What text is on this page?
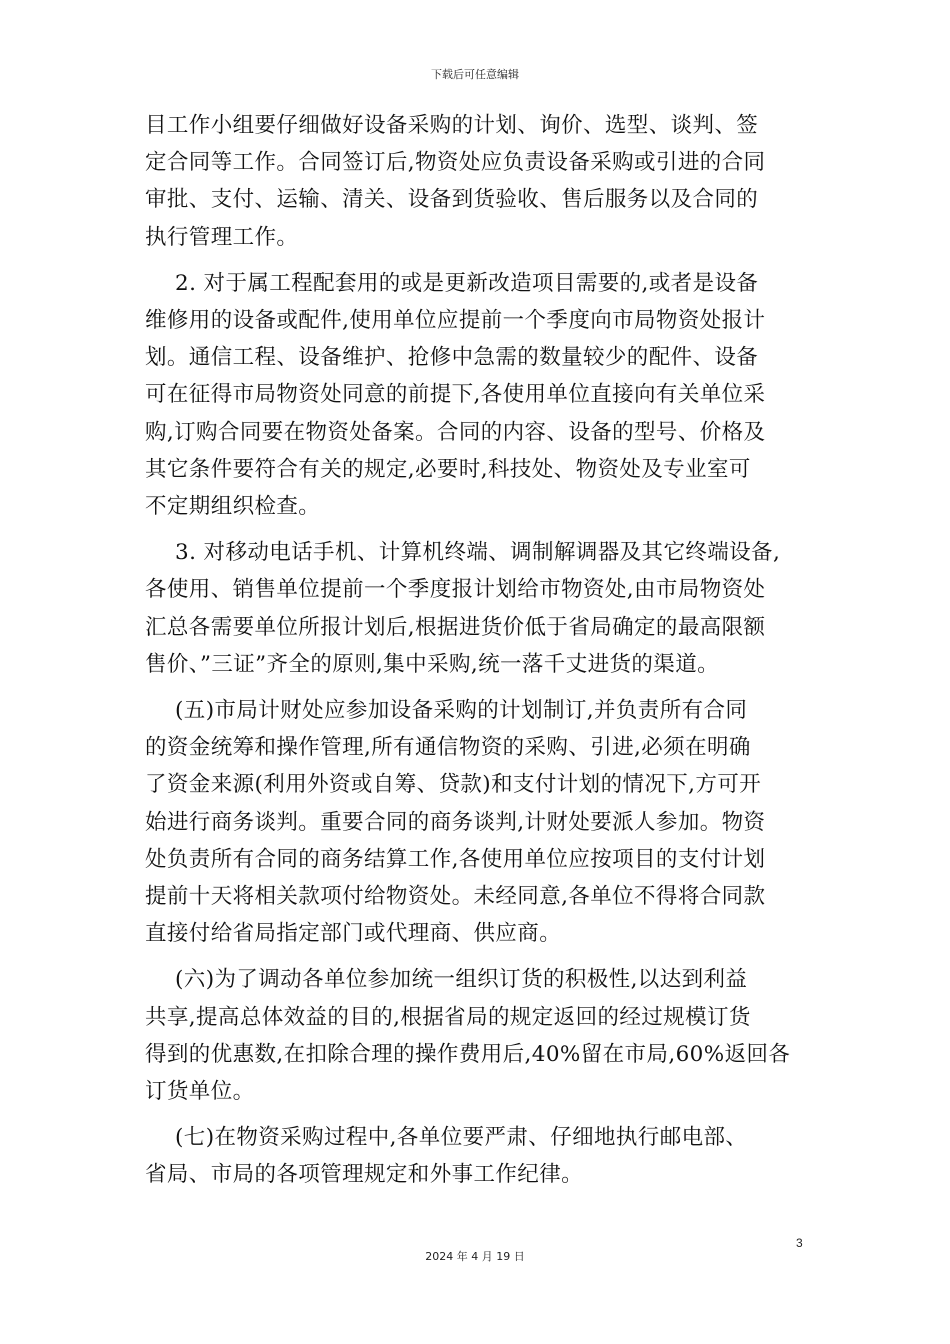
下载后可任意编辑

目工作小组要仔细做好设备采购的计划、询价、选型、谈判、签
定合同等工作。合同签订后,物资处应负责设备采购或引进的合同
审批、支付、运输、清关、设备到货验收、售后服务以及合同的
执行管理工作。

2. 对于属工程配套用的或是更新改造项目需要的,或者是设备
维修用的设备或配件,使用单位应提前一个季度向市局物资处报计
划。通信工程、设备维护、抢修中急需的数量较少的配件、设备
可在征得市局物资处同意的前提下,各使用单位直接向有关单位采
购,订购合同要在物资处备案。合同的内容、设备的型号、价格及
其它条件要符合有关的规定,必要时,科技处、物资处及专业室可
不定期组织检查。

3. 对移动电话手机、计算机终端、调制解调器及其它终端设备,
各使用、销售单位提前一个季度报计划给市物资处,由市局物资处
汇总各需要单位所报计划后,根据进货价低于省局确定的最高限额
售价、”三证”齐全的原则,集中采购,统一落千丈进货的渠道。

(五)市局计财处应参加设备采购的计划制订,并负责所有合同
的资金统筹和操作管理,所有通信物资的采购、引进,必须在明确
了资金来源(利用外资或自筹、贷款)和支付计划的情况下,方可开
始进行商务谈判。重要合同的商务谈判,计财处要派人参加。物资
处负责所有合同的商务结算工作,各使用单位应按项目的支付计划
提前十天将相关款项付给物资处。未经同意,各单位不得将合同款
直接付给省局指定部门或代理商、供应商。

(六)为了调动各单位参加统一组织订货的积极性,以达到利益
共享,提高总体效益的目的,根据省局的规定返回的经过规模订货
得到的优惠数,在扣除合理的操作费用后,40%留在市局,60%返回各
订货单位。

(七)在物资采购过程中,各单位要严肃、仔细地执行邮电部、
省局、市局的各项管理规定和外事工作纪律。

3
2024 年 4 月 19 日
